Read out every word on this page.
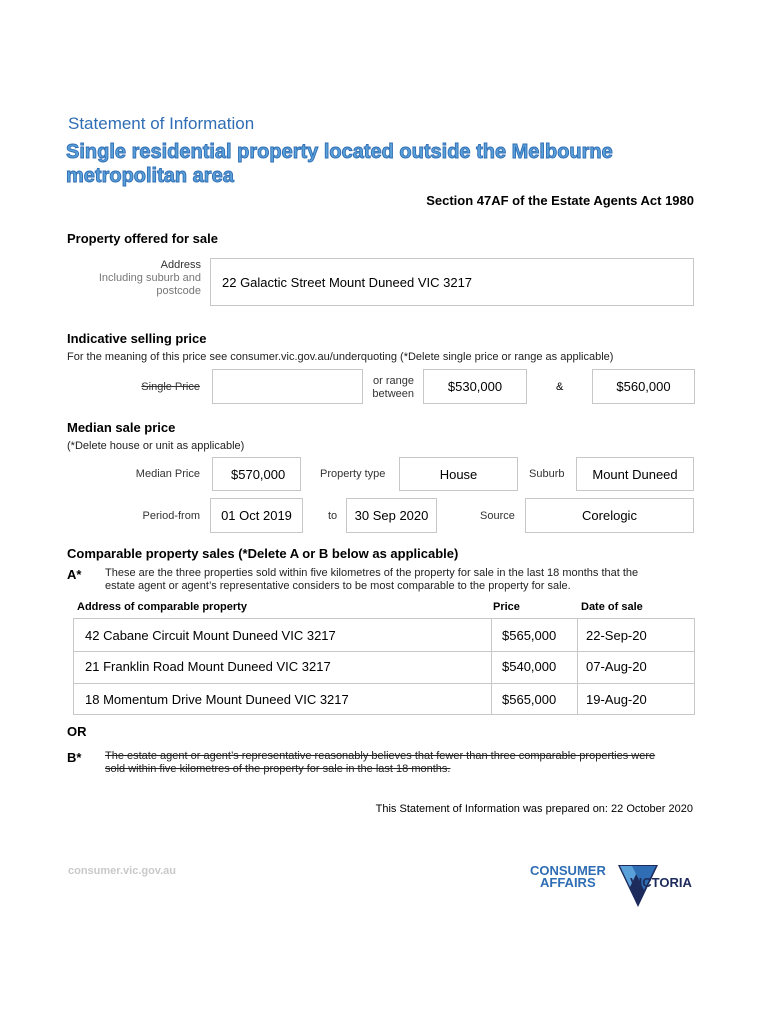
Statement of Information
Single residential property located outside the Melbourne metropolitan area
Section 47AF of the Estate Agents Act 1980
Property offered for sale
Address
Including suburb and
postcode
22 Galactic Street Mount Duneed VIC 3217
Indicative selling price
For the meaning of this price see consumer.vic.gov.au/underquoting (*Delete single price or range as applicable)
Single Price	or range
between	$530,000	&	$560,000
Median sale price
(*Delete house or unit as applicable)
Median Price $570,000	Property type	House	Suburb Mount Duneed
Period-from 01 Oct 2019	to 30 Sep 2020	Source	Corelogic
Comparable property sales (*Delete A or B below as applicable)
A* These are the three properties sold within five kilometres of the property for sale in the last 18 months that the
estate agent or agent’s representative considers to be most comparable to the property for sale.
Address of comparable property	Price	Date of sale
42 Cabane Circuit Mount Duneed VIC 3217	$565,000 22-Sep-20
21 Franklin Road Mount Duneed VIC 3217	$540,000 07-Aug-20
18 Momentum Drive Mount Duneed VIC 3217	$565,000 19-Aug-20
OR
B* The estate agent or agent’s representative reasonably believes that fewer than three comparable properties were
sold within five kilometres of the property for sale in the last 18 months.
This Statement of Information was prepared on: 22 October 2020
consumer.vic.gov.au	CONSUMER
AFFAIRS	VICTORIA
